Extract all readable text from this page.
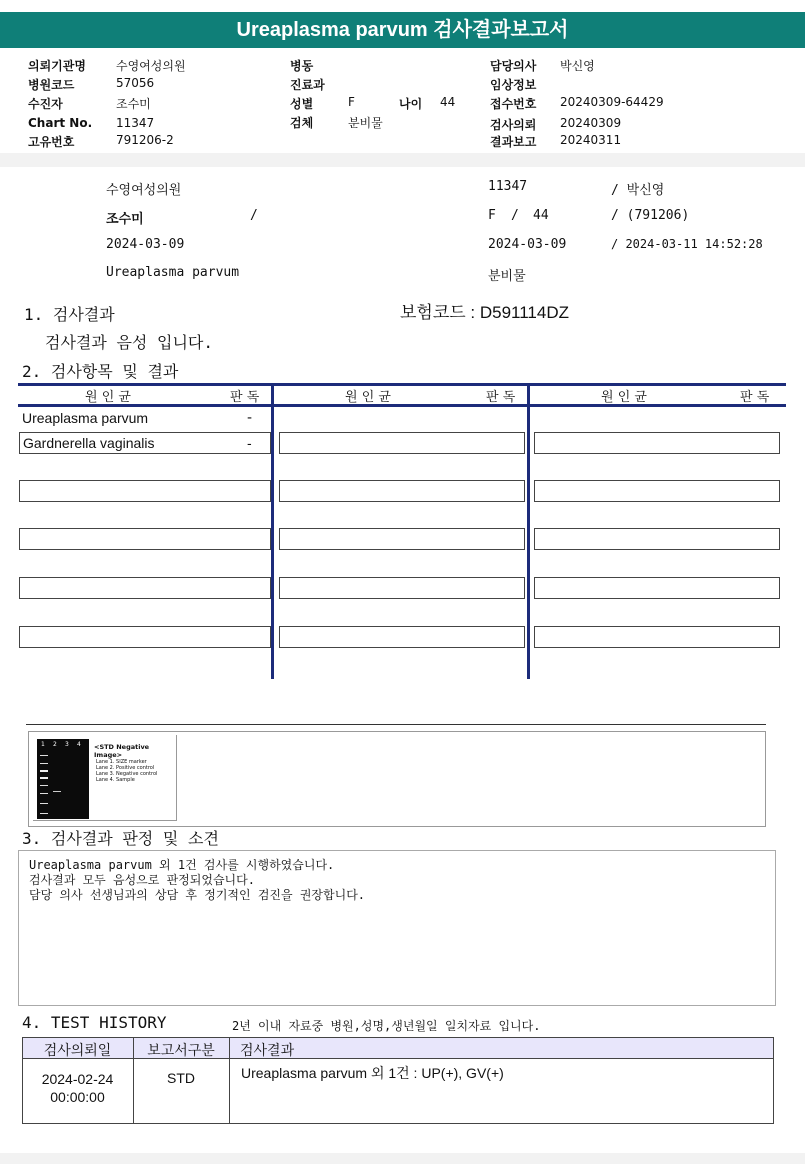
Ureaplasma parvum 검사결과보고서
의뢰기관명	수영여성의원
병원코드	57056
수진자	조수미
Chart No. 11347
고유번호	791206-2
병동
진료과
성별	F
검체	분비물
나이 44
담당의사 박신영
임상정보
접수번호 20240309-64429
검사의뢰 20240309
결과보고 20240311
수영여성의원	11347	/ 박신영
조수미	/	F / 44	/ (791206)
2024-03-09	2024-03-09	/ 2024-03-11 14:52:28
Ureaplasma parvum	분비물
1. 검사결과	보험코드 : D591114DZ
검사결과 음성 입니다.
2. 검사항목 및 결과
원 인 균	판 독	원 인 균	판 독	원 인 균	판 독
Ureaplasma parvum	-
Gardnerella vaginalis	-
1 2 3 4 <STD Negative Image>
Lane 1. SIZE marker
Lane 2. Positive control
Lane 3. Negative control
Lane 4. Sample
3. 검사결과 판정 및 소견
Ureaplasma parvum 외 1건 검사를 시행하였습니다.
검사결과 모두 음성으로 판정되었습니다.
담당 의사 선생님과의 상담 후 정기적인 검진을 권장합니다.
4. TEST HISTORY	2년 이내 자료중 병원,성명,생년월일 일치자료 입니다.
검사의뢰일	보고서구분	검사결과
2024-02-24
00:00:00
STD	Ureaplasma parvum 외 1건 : UP(+), GV(+)
